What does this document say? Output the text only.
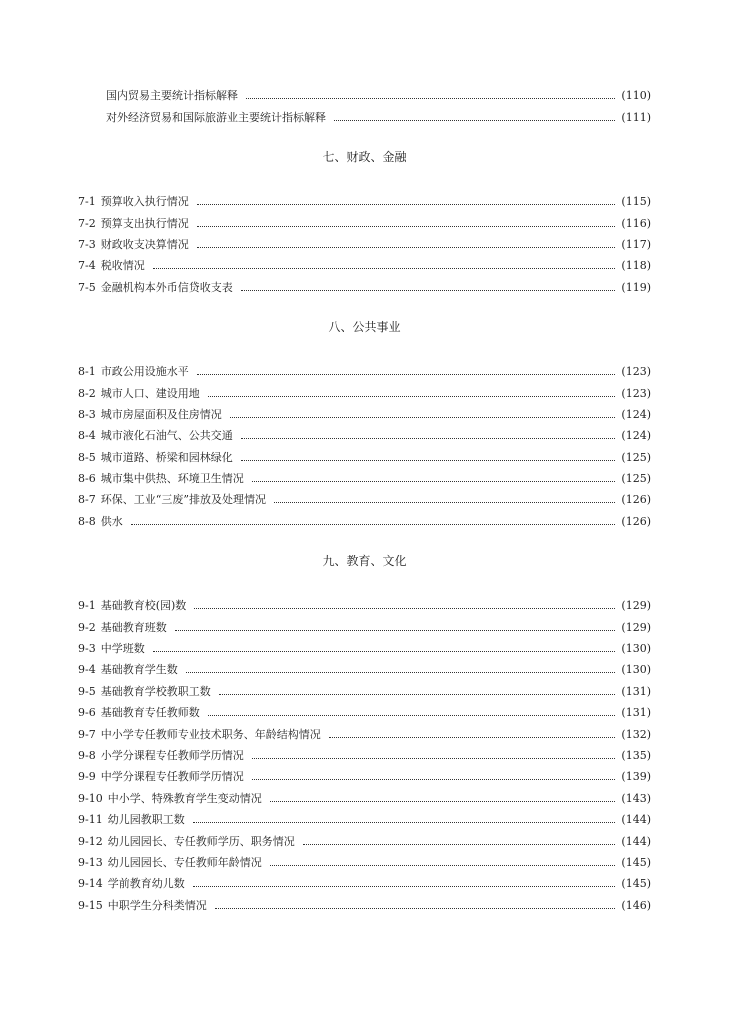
国内贸易主要统计指标解释	(110)
对外经济贸易和国际旅游业主要统计指标解释	(111)
七、财政、金融
7-1 预算收入执行情况	(115)
7-2 预算支出执行情况	(116)
7-3 财政收支决算情况	(117)
7-4 税收情况	(118)
7-5 金融机构本外币信贷收支表	(119)
八、公共事业
8-1 市政公用设施水平	(123)
8-2 城市人口、建设用地	(123)
8-3 城市房屋面积及住房情况	(124)
8-4 城市液化石油气、公共交通	(124)
8-5 城市道路、桥梁和园林绿化	(125)
8-6 城市集中供热、环境卫生情况	(125)
8-7 环保、工业“三废”排放及处理情况	(126)
8-8 供水	(126)
九、教育、文化
9-1 基础教育校(园)数	(129)
9-2 基础教育班数	(129)
9-3 中学班数	(130)
9-4 基础教育学生数	(130)
9-5 基础教育学校教职工数	(131)
9-6 基础教育专任教师数	(131)
9-7 中小学专任教师专业技术职务、年龄结构情况	(132)
9-8 小学分课程专任教师学历情况	(135)
9-9 中学分课程专任教师学历情况	(139)
9-10 中小学、特殊教育学生变动情况	(143)
9-11 幼儿园教职工数	(144)
9-12 幼儿园园长、专任教师学历、职务情况	(144)
9-13 幼儿园园长、专任教师年龄情况	(145)
9-14 学前教育幼儿数	(145)
9-15 中职学生分科类情况	(146)
